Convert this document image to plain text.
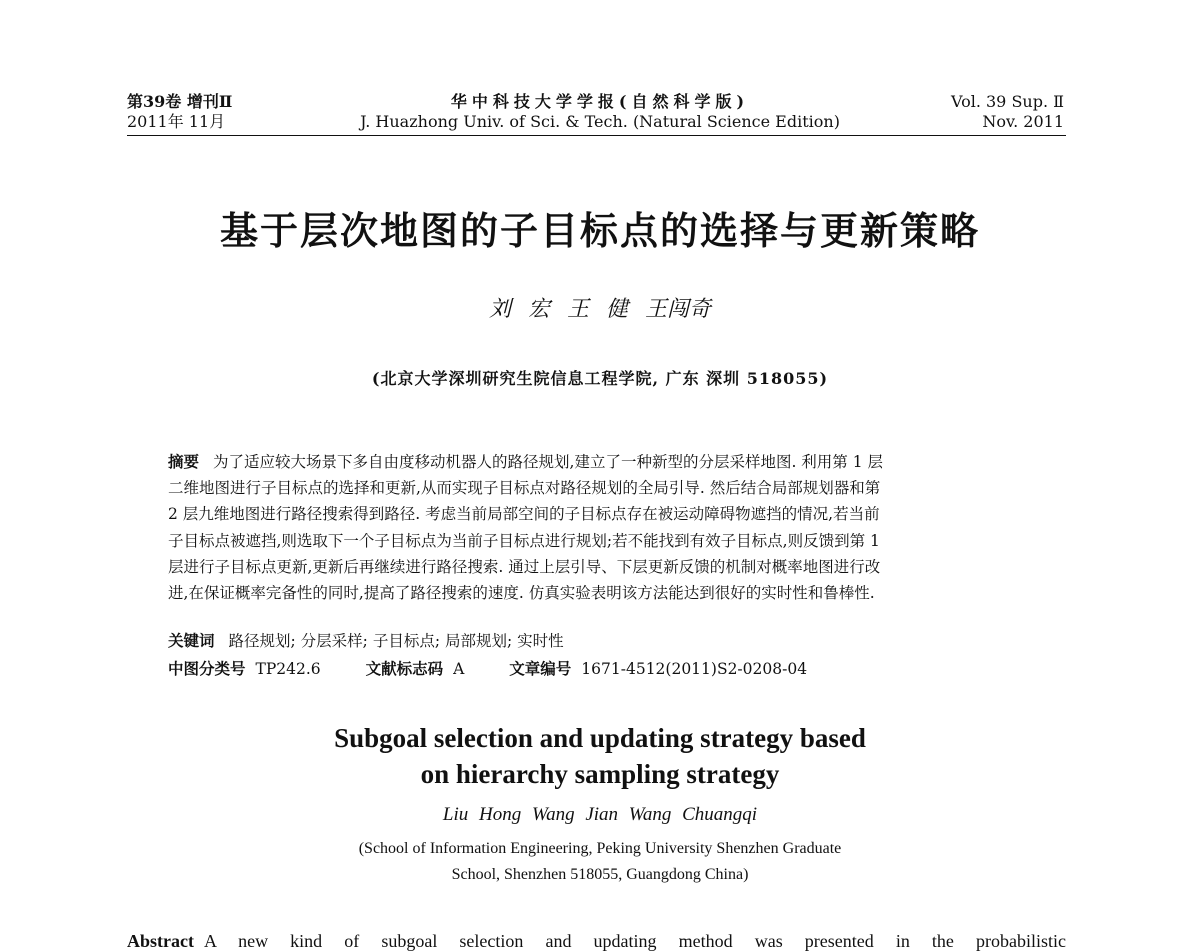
第39卷 增刊Ⅱ
2011年 11月
华中科技大学学报(自然科学版)
J. Huazhong Univ. of Sci. & Tech. (Natural Science Edition)
Vol. 39 Sup. Ⅱ
Nov. 2011
基于层次地图的子目标点的选择与更新策略
刘 宏 王 健 王闯奇
(北京大学深圳研究生院信息工程学院, 广东 深圳 518055)
摘要 为了适应较大场景下多自由度移动机器人的路径规划,建立了一种新型的分层采样地图. 利用第 1 层
二维地图进行子目标点的选择和更新,从而实现子目标点对路径规划的全局引导. 然后结合局部规划器和第
2 层九维地图进行路径搜索得到路径. 考虑当前局部空间的子目标点存在被运动障碍物遮挡的情况,若当前
子目标点被遮挡,则选取下一个子目标点为当前子目标点进行规划;若不能找到有效子目标点,则反馈到第 1
层进行子目标点更新,更新后再继续进行路径搜索. 通过上层引导、下层更新反馈的机制对概率地图进行改
进,在保证概率完备性的同时,提高了路径搜索的速度. 仿真实验表明该方法能达到很好的实时性和鲁棒性.
关键词 路径规划; 分层采样; 子目标点; 局部规划; 实时性
中图分类号 TP242.6	文献标志码 A	文章编号 1671-4512(2011)S2-0208-04
Subgoal selection and updating strategy based
on hierarchy sampling strategy
Liu Hong Wang Jian Wang Chuangqi
(School of Information Engineering, Peking University Shenzhen Graduate
School, Shenzhen 518055, Guangdong China)
Abstract A new kind of subgoal selection and updating method was presented in the probabilistic
